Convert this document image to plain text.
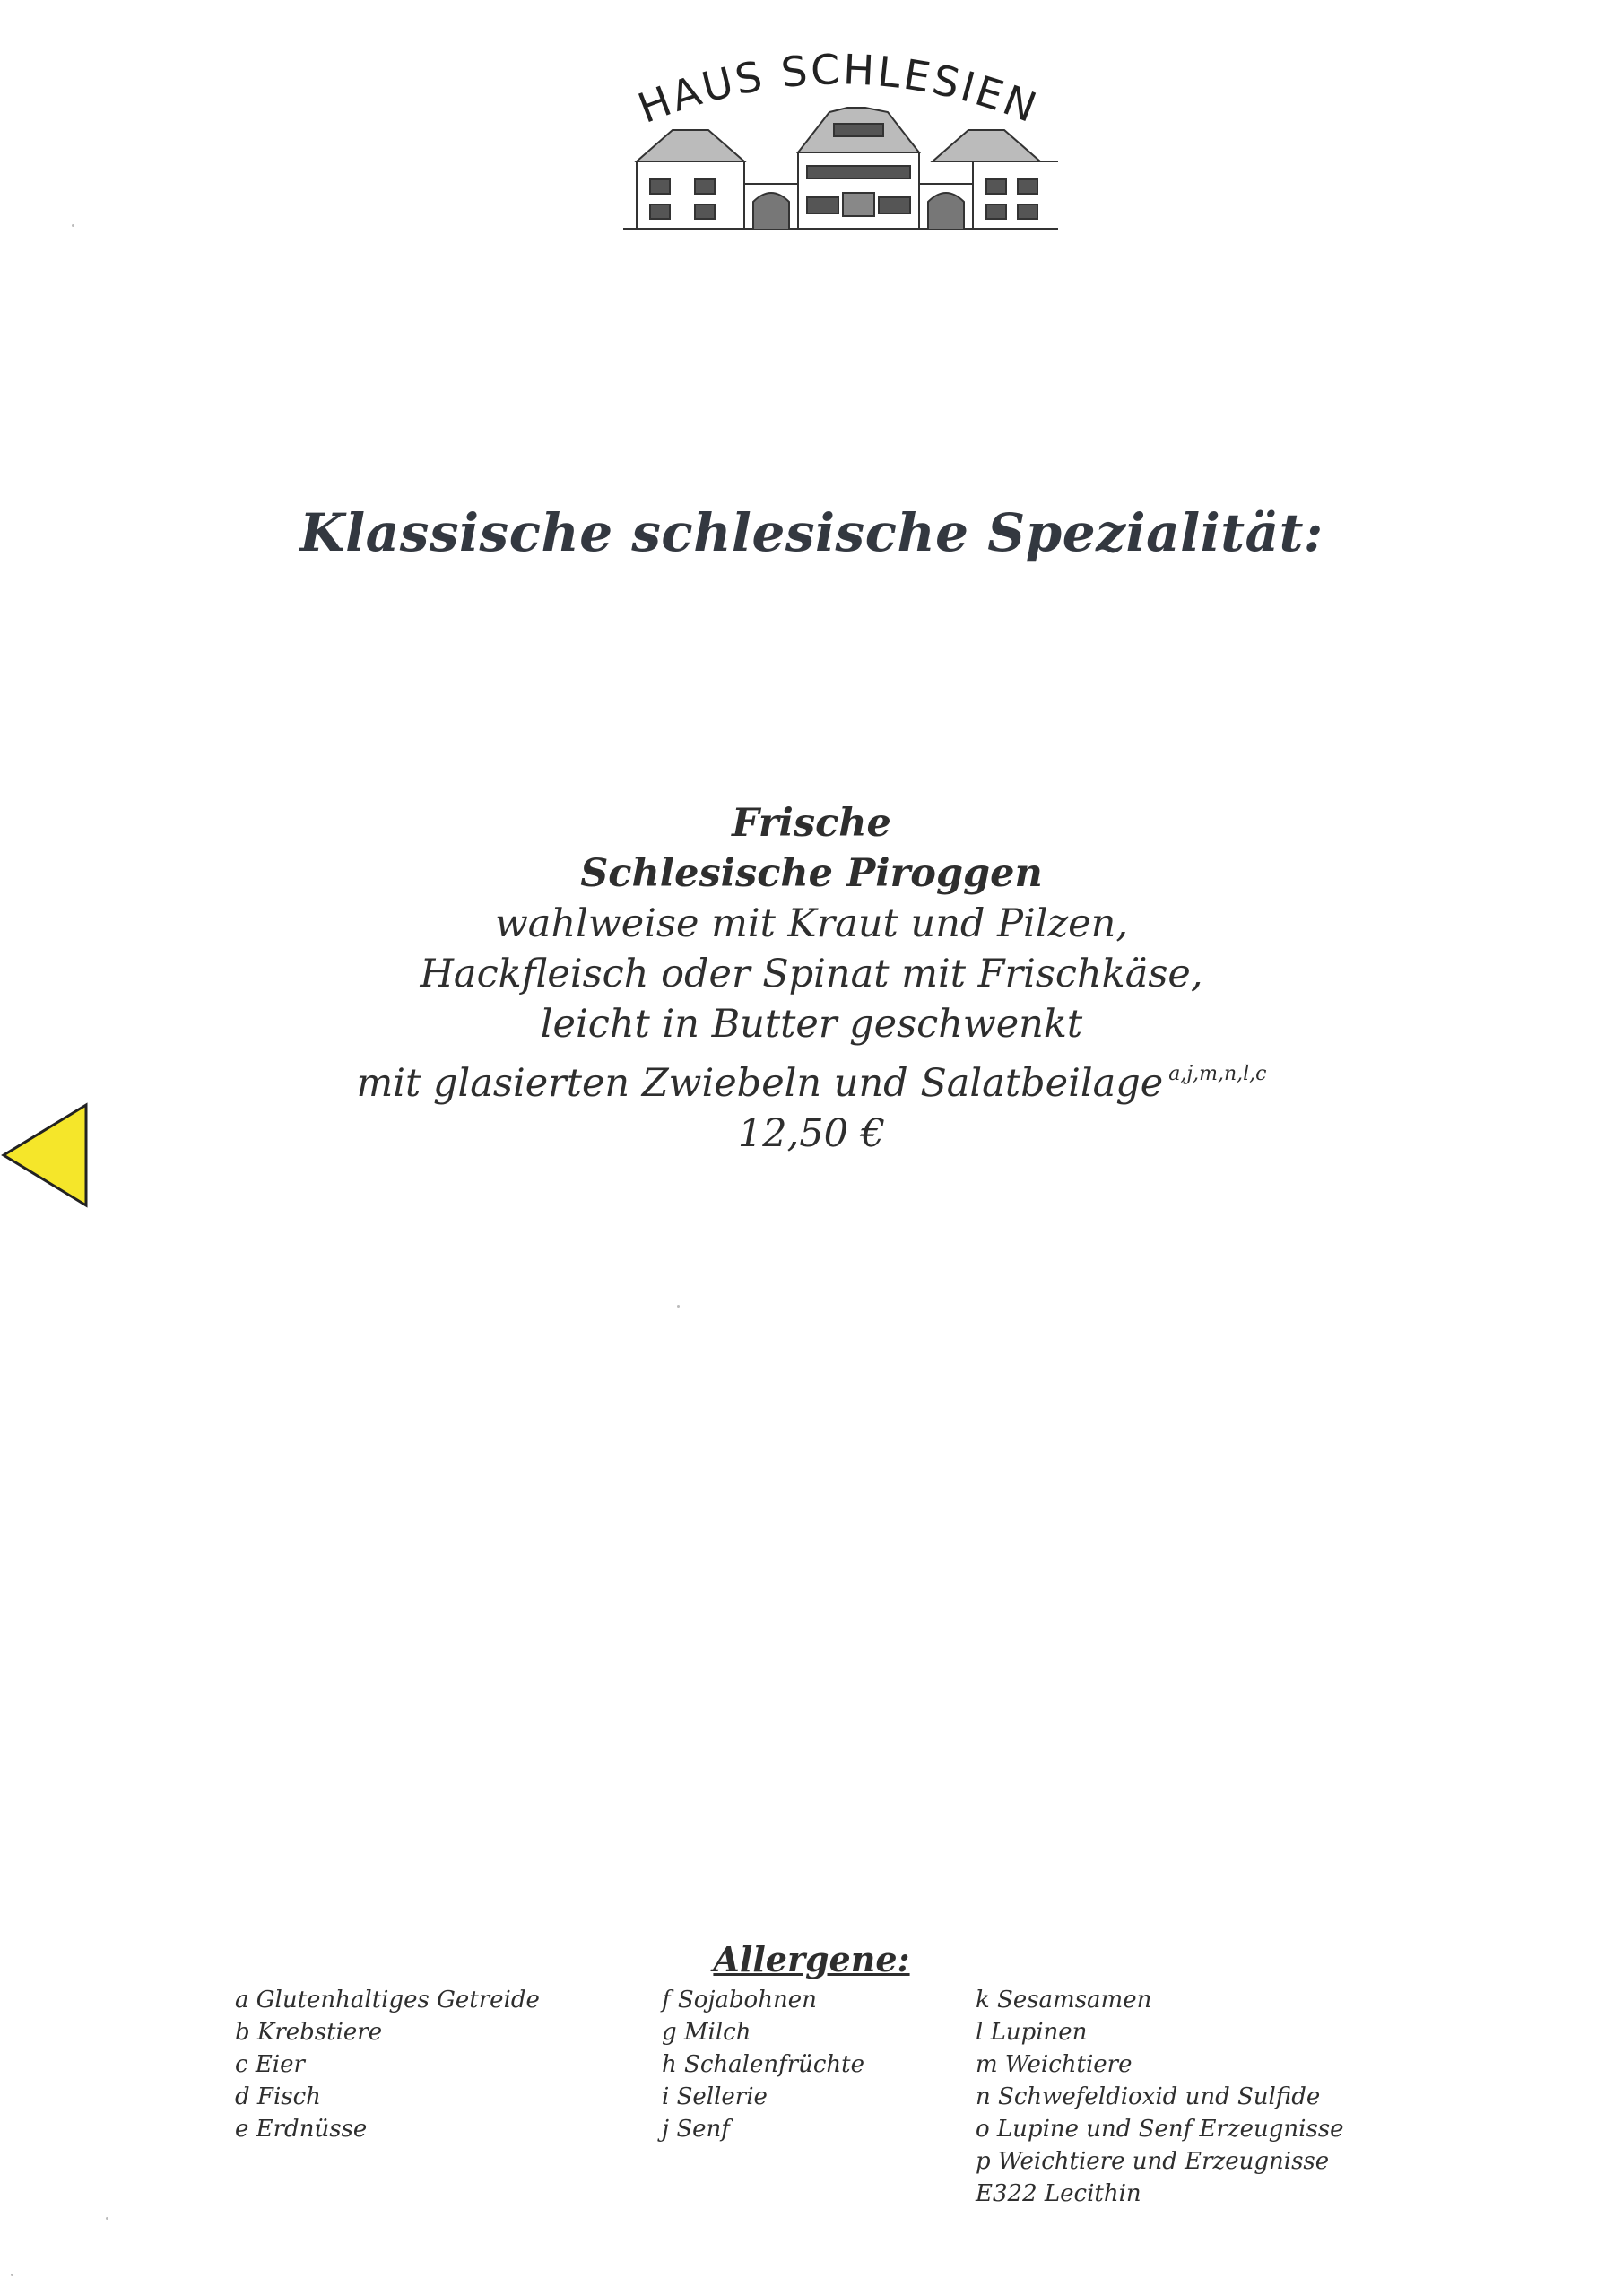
HAUS SCHLESIEN
Klassische schlesische Spezialität:
Frische
Schlesische Piroggen
wahlweise mit Kraut und Pilzen,
Hackfleisch oder Spinat mit Frischkäse,
leicht in Butter geschwenkt
mit glasierten Zwiebeln und Salatbeilage $^{a,j,m,n,l,c}$
12,50 €
Allergene:
a Glutenhaltiges Getreide
b Krebstiere
c Eier
d Fisch
e Erdnüsse
f Sojabohnen
g Milch
h Schalenfrüchte
i Sellerie
j Senf
k Sesamsamen
l Lupinen
m Weichtiere
n Schwefeldioxid und Sulfide
o Lupine und Senf Erzeugnisse
p Weichtiere und Erzeugnisse
E322 Lecithin
